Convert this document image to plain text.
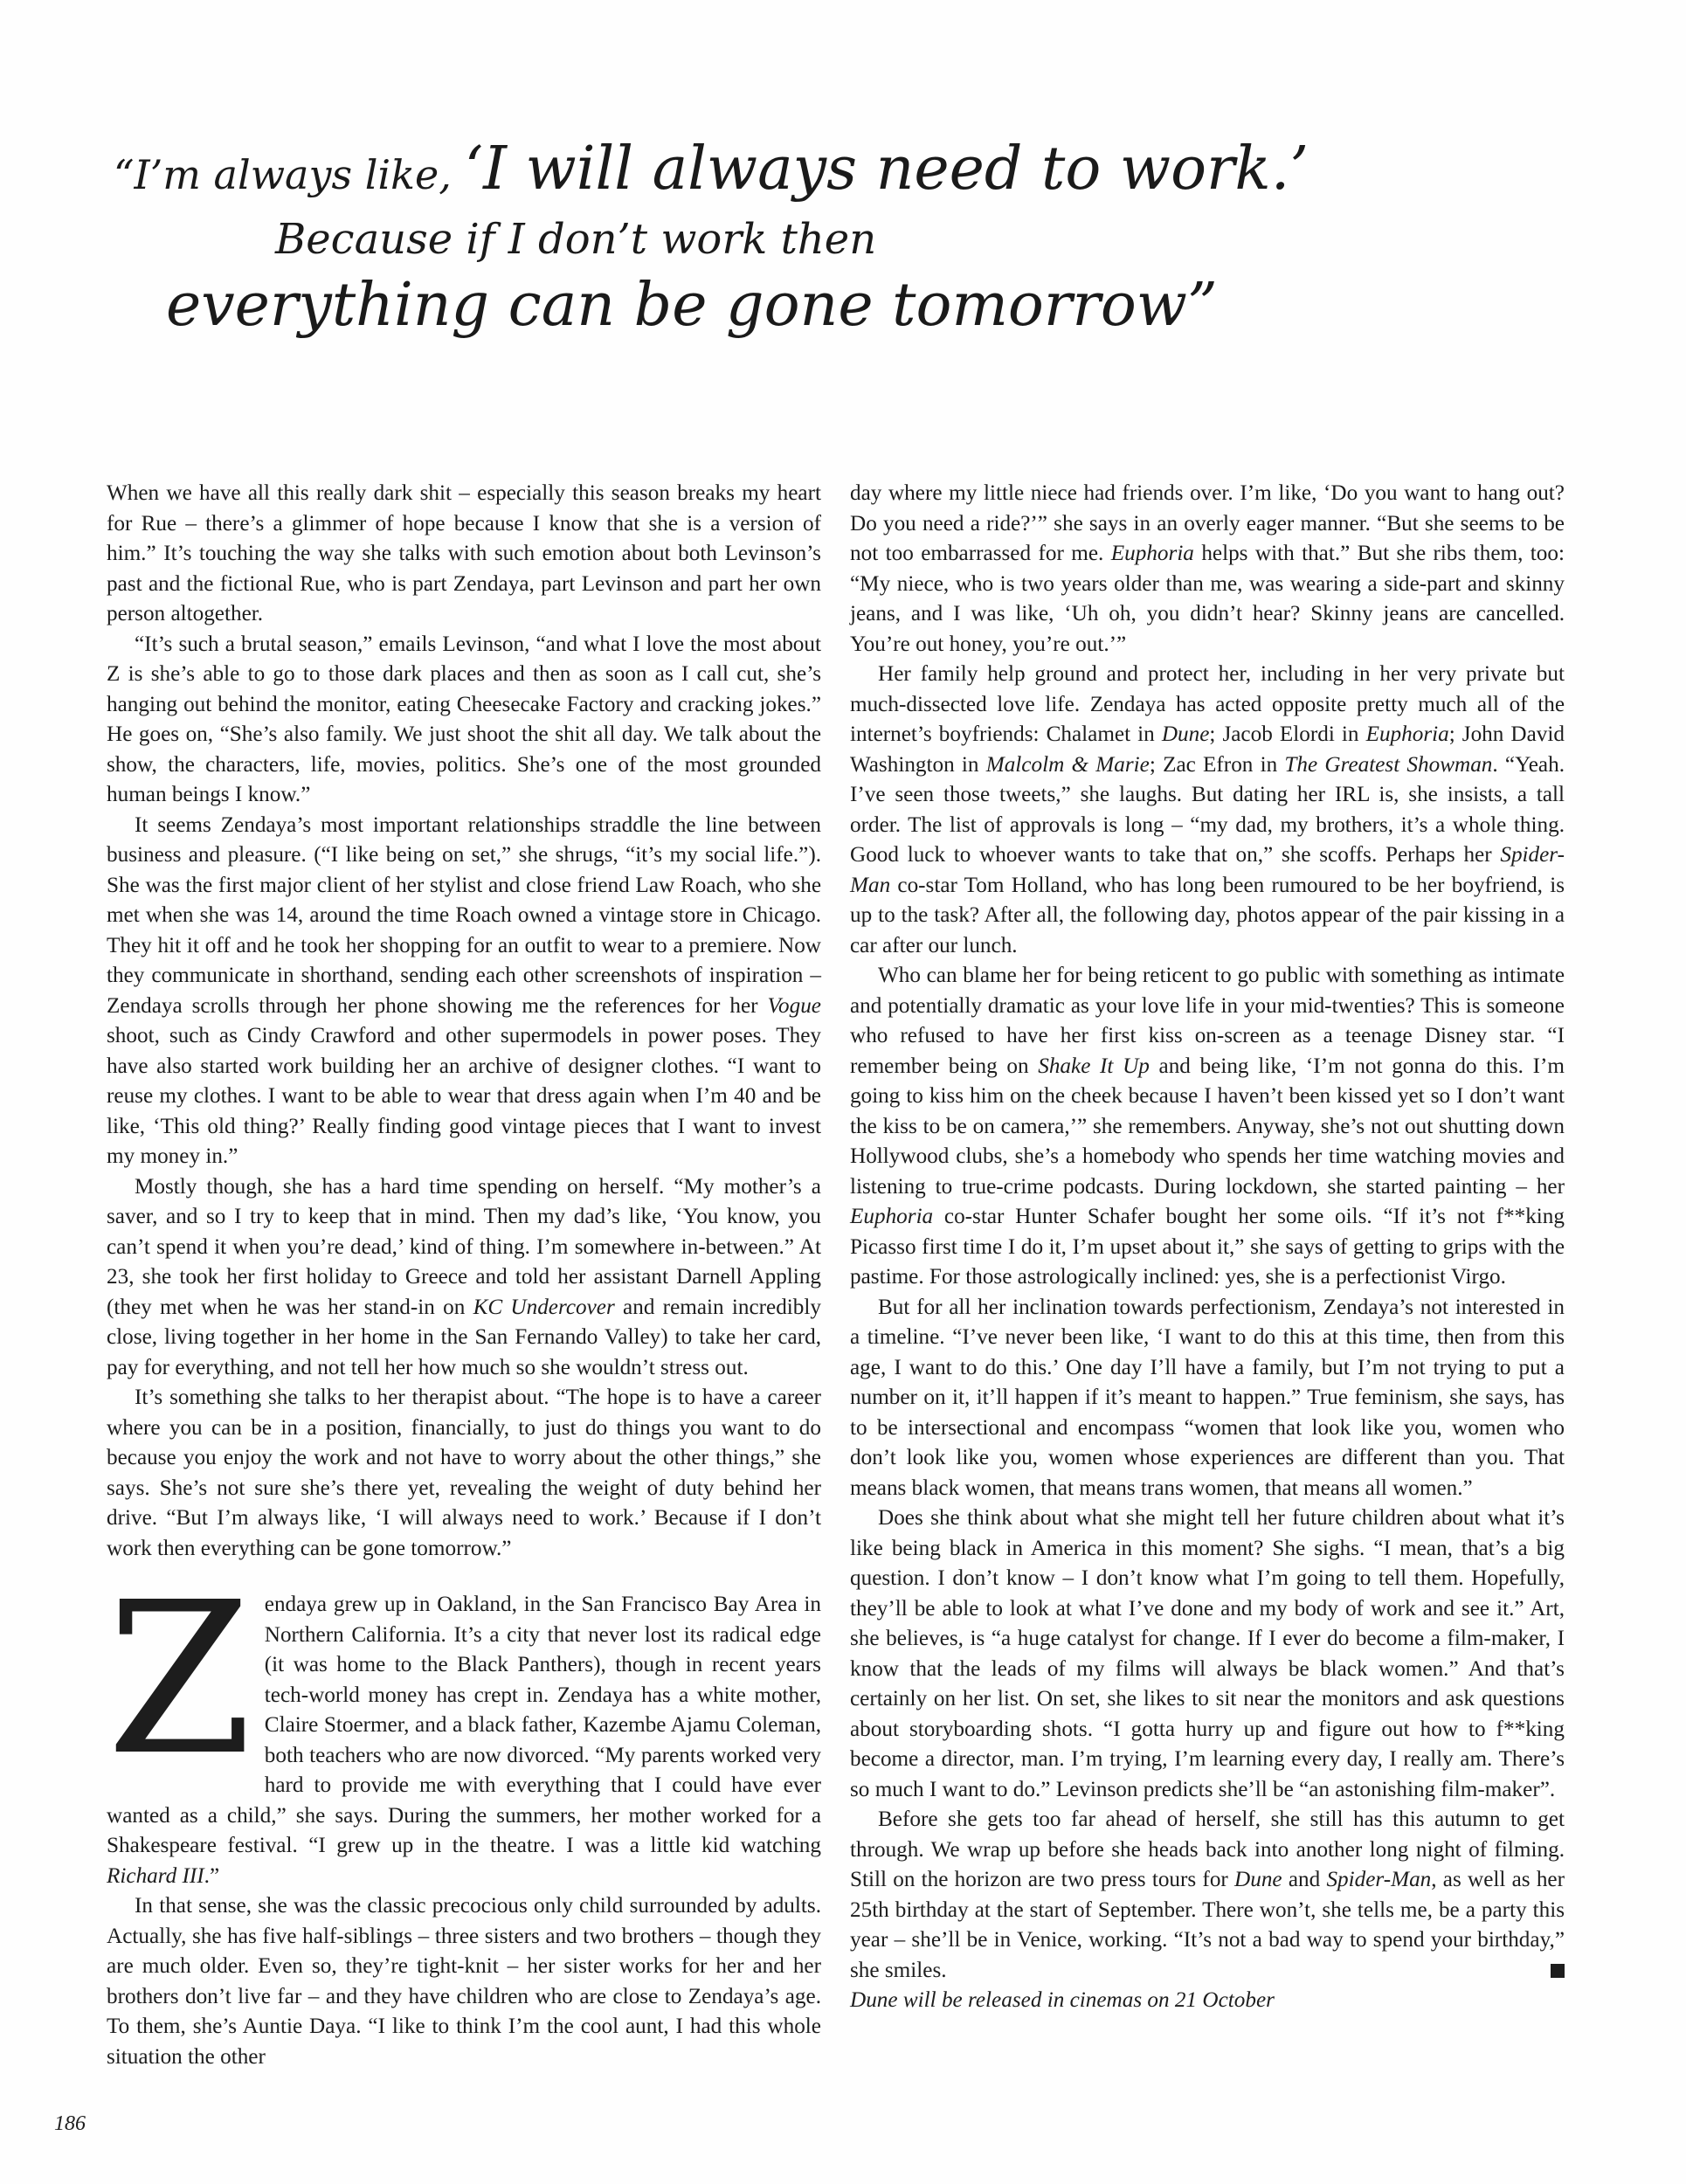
“I’m always like, ‘I will always need to work.’
Because if I don’t work then
everything can be gone tomorrow”

When we have all this really dark shit – especially this season breaks my heart for Rue – there’s a glimmer of hope because I know that she is a version of him.” It’s touching the way she talks with such emotion about both Levinson’s past and the fictional Rue, who is part Zendaya, part Levinson and part her own person altogether.

“It’s such a brutal season,” emails Levinson, “and what I love the most about Z is she’s able to go to those dark places and then as soon as I call cut, she’s hanging out behind the monitor, eating Cheesecake Factory and cracking jokes.” He goes on, “She’s also family. We just shoot the shit all day. We talk about the show, the characters, life, movies, politics. She’s one of the most grounded human beings I know.”

It seems Zendaya’s most important relationships straddle the line between business and pleasure. (“I like being on set,” she shrugs, “it’s my social life.”). She was the first major client of her stylist and close friend Law Roach, who she met when she was 14, around the time Roach owned a vintage store in Chicago. They hit it off and he took her shopping for an outfit to wear to a premiere. Now they communicate in shorthand, sending each other screenshots of inspiration – Zendaya scrolls through her phone showing me the references for her Vogue shoot, such as Cindy Crawford and other supermodels in power poses. They have also started work building her an archive of designer clothes. “I want to reuse my clothes. I want to be able to wear that dress again when I’m 40 and be like, ‘This old thing?’ Really finding good vintage pieces that I want to invest my money in.”

Mostly though, she has a hard time spending on herself. “My mother’s a saver, and so I try to keep that in mind. Then my dad’s like, ‘You know, you can’t spend it when you’re dead,’ kind of thing. I’m somewhere in-between.” At 23, she took her first holiday to Greece and told her assistant Darnell Appling (they met when he was her stand-in on KC Undercover and remain incredibly close, living together in her home in the San Fernando Valley) to take her card, pay for everything, and not tell her how much so she wouldn’t stress out.

It’s something she talks to her therapist about. “The hope is to have a career where you can be in a position, financially, to just do things you want to do because you enjoy the work and not have to worry about the other things,” she says. She’s not sure she’s there yet, revealing the weight of duty behind her drive. “But I’m always like, ‘I will always need to work.’ Because if I don’t work then everything can be gone tomorrow.”

Zendaya grew up in Oakland, in the San Francisco Bay Area in Northern California. It’s a city that never lost its radical edge (it was home to the Black Panthers), though in recent years tech-world money has crept in. Zendaya has a white mother, Claire Stoermer, and a black father, Kazembe Ajamu Coleman, both teachers who are now divorced. “My parents worked very hard to provide me with everything that I could have ever wanted as a child,” she says. During the summers, her mother worked for a Shakespeare festival. “I grew up in the theatre. I was a little kid watching Richard III.”

In that sense, she was the classic precocious only child surrounded by adults. Actually, she has five half-siblings – three sisters and two brothers – though they are much older. Even so, they’re tight-knit – her sister works for her and her brothers don’t live far – and they have children who are close to Zendaya’s age. To them, she’s Auntie Daya. “I like to think I’m the cool aunt, I had this whole situation the other

day where my little niece had friends over. I’m like, ‘Do you want to hang out? Do you need a ride?’” she says in an overly eager manner. “But she seems to be not too embarrassed for me. Euphoria helps with that.” But she ribs them, too: “My niece, who is two years older than me, was wearing a side-part and skinny jeans, and I was like, ‘Uh oh, you didn’t hear? Skinny jeans are cancelled. You’re out honey, you’re out.’”

Her family help ground and protect her, including in her very private but much-dissected love life. Zendaya has acted opposite pretty much all of the internet’s boyfriends: Chalamet in Dune; Jacob Elordi in Euphoria; John David Washington in Malcolm & Marie; Zac Efron in The Greatest Showman. “Yeah. I’ve seen those tweets,” she laughs. But dating her IRL is, she insists, a tall order. The list of approvals is long – “my dad, my brothers, it’s a whole thing. Good luck to whoever wants to take that on,” she scoffs. Perhaps her Spider-Man co-star Tom Holland, who has long been rumoured to be her boyfriend, is up to the task? After all, the following day, photos appear of the pair kissing in a car after our lunch.

Who can blame her for being reticent to go public with something as intimate and potentially dramatic as your love life in your mid-twenties? This is someone who refused to have her first kiss on-screen as a teenage Disney star. “I remember being on Shake It Up and being like, ‘I’m not gonna do this. I’m going to kiss him on the cheek because I haven’t been kissed yet so I don’t want the kiss to be on camera,’” she remembers. Anyway, she’s not out shutting down Hollywood clubs, she’s a homebody who spends her time watching movies and listening to true-crime podcasts. During lockdown, she started painting – her Euphoria co-star Hunter Schafer bought her some oils. “If it’s not f**king Picasso first time I do it, I’m upset about it,” she says of getting to grips with the pastime. For those astrologically inclined: yes, she is a perfectionist Virgo.

But for all her inclination towards perfectionism, Zendaya’s not interested in a timeline. “I’ve never been like, ‘I want to do this at this time, then from this age, I want to do this.’ One day I’ll have a family, but I’m not trying to put a number on it, it’ll happen if it’s meant to happen.” True feminism, she says, has to be intersectional and encompass “women that look like you, women who don’t look like you, women whose experiences are different than you. That means black women, that means trans women, that means all women.”

Does she think about what she might tell her future children about what it’s like being black in America in this moment? She sighs. “I mean, that’s a big question. I don’t know – I don’t know what I’m going to tell them. Hopefully, they’ll be able to look at what I’ve done and my body of work and see it.” Art, she believes, is “a huge catalyst for change. If I ever do become a film-maker, I know that the leads of my films will always be black women.” And that’s certainly on her list. On set, she likes to sit near the monitors and ask questions about storyboarding shots. “I gotta hurry up and figure out how to f**king become a director, man. I’m trying, I’m learning every day, I really am. There’s so much I want to do.” Levinson predicts she’ll be “an astonishing film-maker”.

Before she gets too far ahead of herself, she still has this autumn to get through. We wrap up before she heads back into another long night of filming. Still on the horizon are two press tours for Dune and Spider-Man, as well as her 25th birthday at the start of September. There won’t, she tells me, be a party this year – she’ll be in Venice, working. “It’s not a bad way to spend your birthday,” she smiles.

Dune will be released in cinemas on 21 October

186
